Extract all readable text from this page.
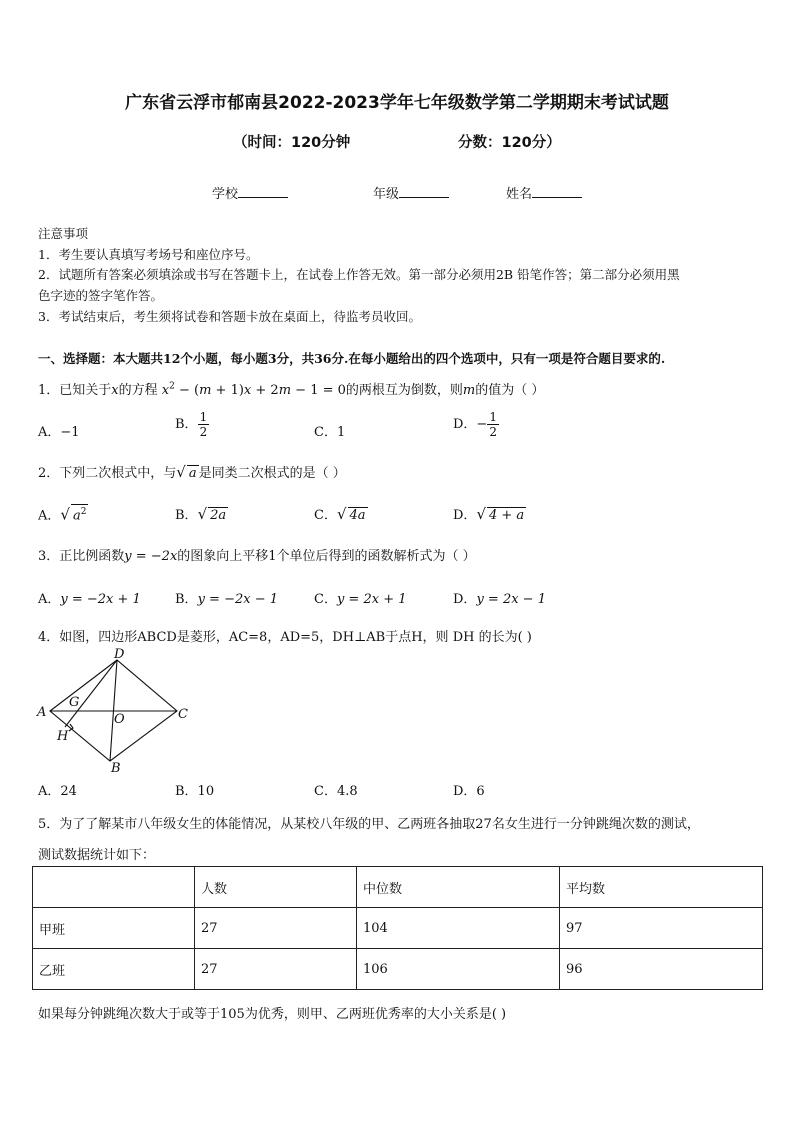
广东省云浮市郁南县2022-2023学年七年级数学第二学期期末考试试题
（时间：120分钟	分数：120分）
学校	年级	姓名
注意事项
1．考生要认真填写考场号和座位序号。
2．试题所有答案必须填涂或书写在答题卡上，在试卷上作答无效。第一部分必须用2B 铅笔作答；第二部分必须用黑
色字迹的签字笔作答。
3．考试结束后，考生须将试卷和答题卡放在桌面上，待监考员收回。
一、选择题：本大题共12个小题，每小题3分，共36分.在每小题给出的四个选项中，只有一项是符合题目要求的.
1．已知关于x的方程 $x^2 - (m + 1)x + 2m - 1 = 0$的两根互为倒数，则m的值为（ ）
A．−1
B． $\frac{1}{2}$	C．1
D．− $\frac{1}{2}$
2．下列二次根式中，与√ a 是同类二次根式的是（ ）
A．√ $a^2$	B．√ 2a	C．√ 4a	D．√ 4 + a
3．正比例函数y = −2x的图象向上平移1个单位后得到的函数解析式为（ ）
A．y = −2x + 1	B．y = −2x − 1	C．y = 2x + 1	D．y = 2x − 1
4．如图，四边形ABCD是菱形，AC=8，AD=5，DH⊥AB于点H，则 DH 的长为( )
A
D
C
B
G
H
O
A．24	B．10	C．4.8	D．6
5．为了了解某市八年级女生的体能情况，从某校八年级的甲、乙两班各抽取27名女生进行一分钟跳绳次数的测试，
测试数据统计如下：
	人数	中位数	平均数
甲班	27	104	97
乙班	27	106	96
如果每分钟跳绳次数大于或等于105为优秀，则甲、乙两班优秀率的大小关系是( )
